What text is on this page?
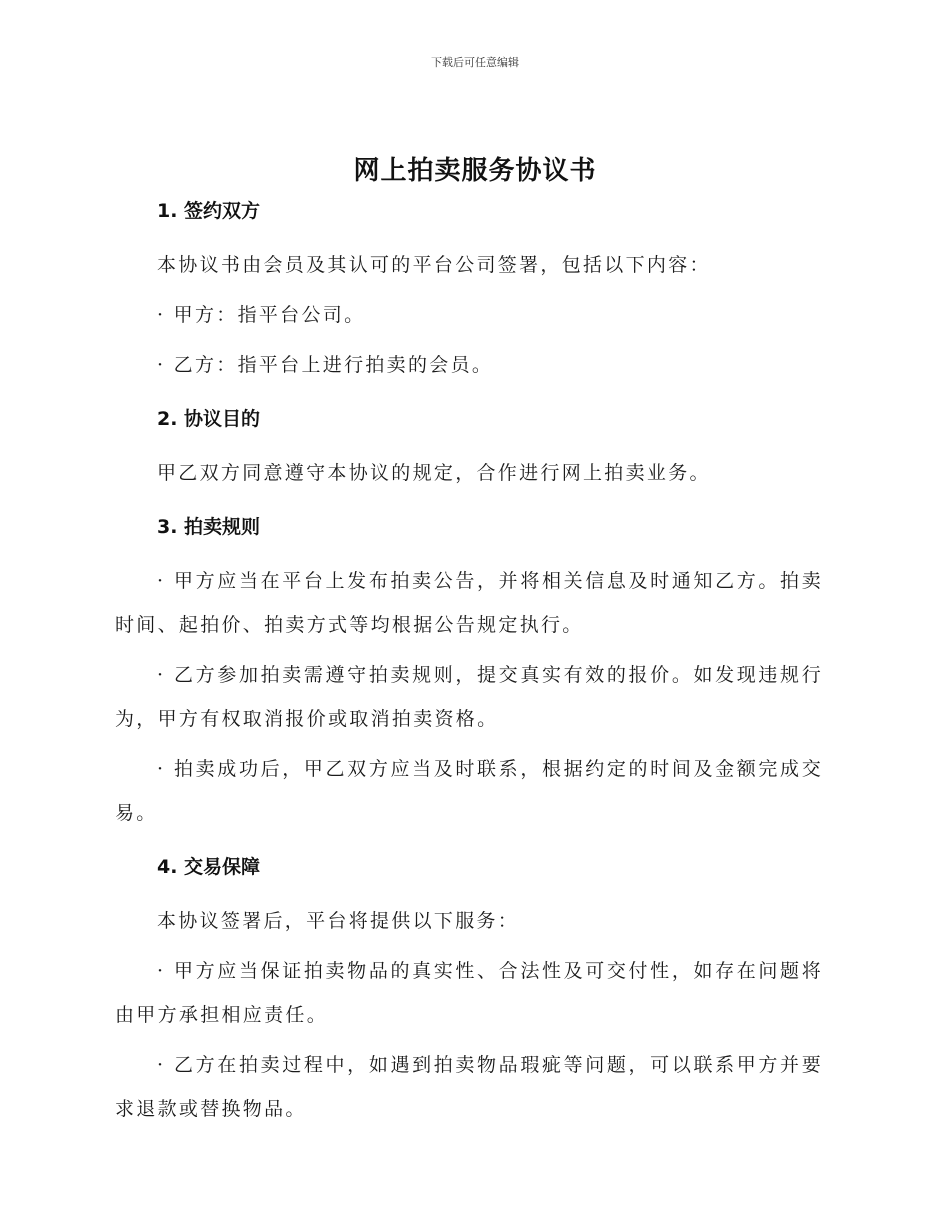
下载后可任意编辑
网上拍卖服务协议书
1. 签约双方

本协议书由会员及其认可的平台公司签署，包括以下内容：

· 甲方：指平台公司。

· 乙方：指平台上进行拍卖的会员。

2. 协议目的

甲乙双方同意遵守本协议的规定，合作进行网上拍卖业务。

3. 拍卖规则

· 甲方应当在平台上发布拍卖公告，并将相关信息及时通知乙方。拍卖时间、起拍价、拍卖方式等均根据公告规定执行。

· 乙方参加拍卖需遵守拍卖规则，提交真实有效的报价。如发现违规行为，甲方有权取消报价或取消拍卖资格。

· 拍卖成功后，甲乙双方应当及时联系，根据约定的时间及金额完成交易。

4. 交易保障

本协议签署后，平台将提供以下服务：

· 甲方应当保证拍卖物品的真实性、合法性及可交付性，如存在问题将由甲方承担相应责任。

· 乙方在拍卖过程中，如遇到拍卖物品瑕疵等问题，可以联系甲方并要求退款或替换物品。
